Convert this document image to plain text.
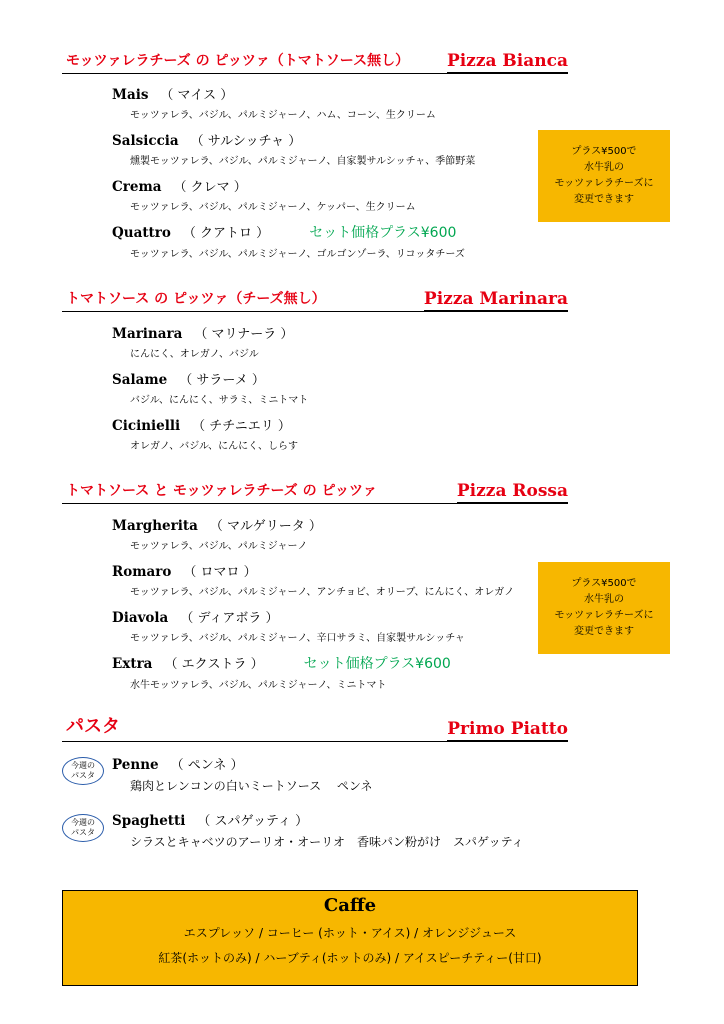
モッツァレラチーズ の ピッツァ（トマトソース無し） Pizza Bianca
Mais （ マイス ）
モッツァレラ、バジル、パルミジャーノ、ハム、コーン、生クリーム
Salsiccia （ サルシッチャ ）
燻製モッツァレラ、バジル、パルミジャーノ、自家製サルシッチャ、季節野菜
Crema （ クレマ ）
モッツァレラ、バジル、パルミジャーノ、ケッパー、生クリーム
Quattro （ クアトロ ）	セット価格プラス¥600
モッツァレラ、バジル、パルミジャーノ、ゴルゴンゾーラ、リコッタチーズ
プラス¥500で
水牛乳の
モッツァレラチーズに
変更できます
トマトソース の ピッツァ（チーズ無し）	Pizza Marinara
Marinara （ マリナーラ ）
にんにく、オレガノ、バジル
Salame （ サラーメ ）
バジル、にんにく、サラミ、ミニトマト
Cicinielli （ チチニエリ ）
オレガノ、バジル、にんにく、しらす
トマトソース と モッツァレラチーズ の ピッツァ	Pizza Rossa
Margherita （ マルゲリータ ）
モッツァレラ、バジル、パルミジャーノ
Romaro （ ロマロ ）
モッツァレラ、バジル、パルミジャーノ、アンチョビ、オリーブ、にんにく、オレガノ
Diavola （ ディアボラ ）
モッツァレラ、バジル、パルミジャーノ、辛口サラミ、自家製サルシッチャ
Extra （ エクストラ ）	セット価格プラス¥600
水牛モッツァレラ、バジル、パルミジャーノ、ミニトマト
プラス¥500で
水牛乳の
モッツァレラチーズに
変更できます
パスタ	Primo Piatto
今週の
パスタ
Penne （ ペンネ ）
鶏肉とレンコンの白いミートソース　 ペンネ
今週の
パスタ
Spaghetti （ スパゲッティ ）
シラスとキャベツのアーリオ・オーリオ　香味パン粉がけ　スパゲッティ
Caffe
エスプレッソ / コーヒー (ホット・アイス) / オレンジジュース
紅茶(ホットのみ) / ハーブティ(ホットのみ) / アイスピーチティー(甘口)
